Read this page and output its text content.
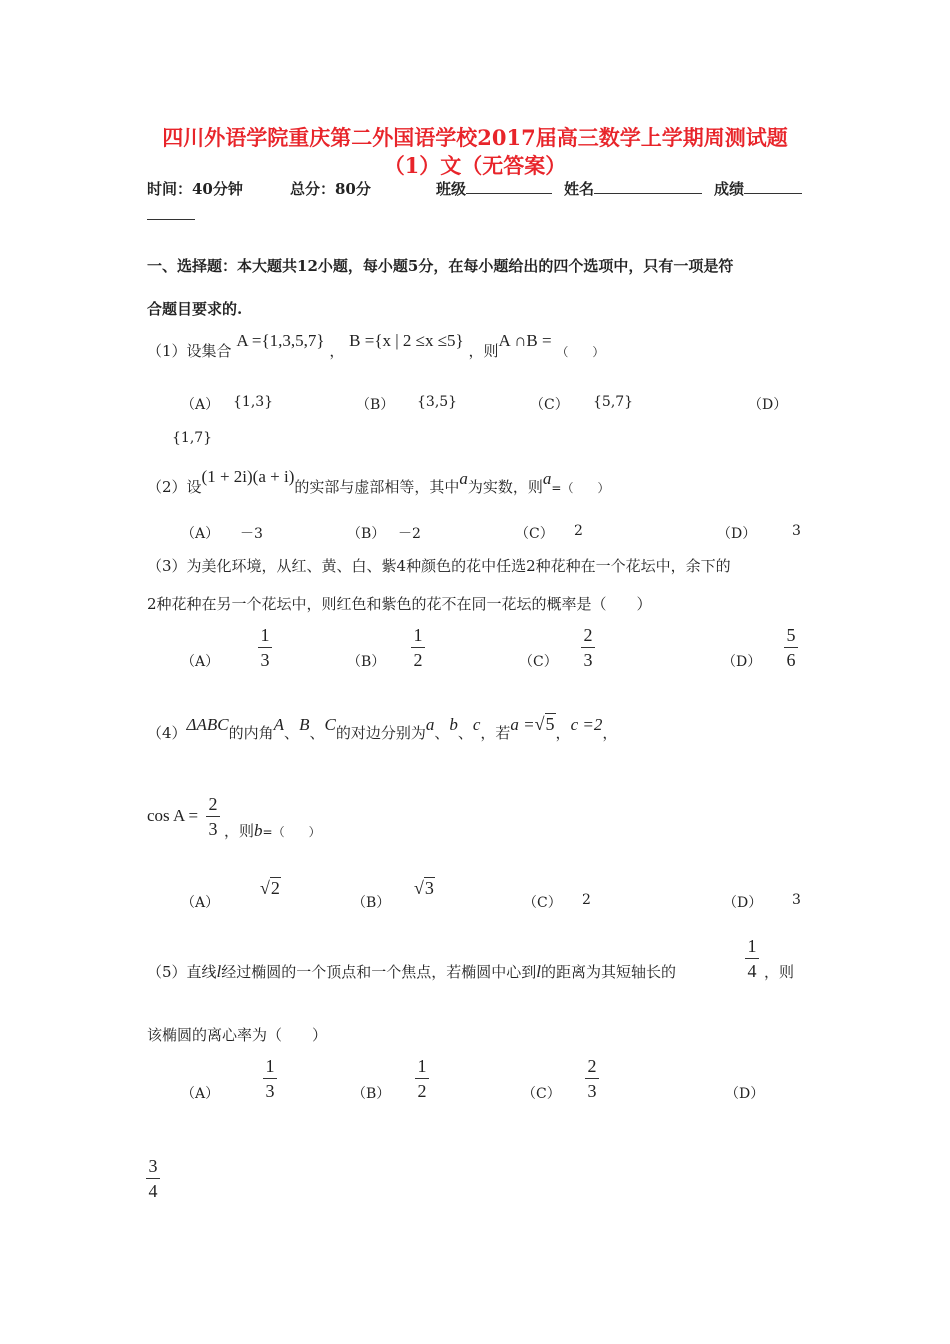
四川外语学院重庆第二外国语学校2017届高三数学上学期周测试题
（1）文（无答案）
时间：40分钟	总分：80分	班级	姓名	成绩
一、选择题：本大题共12小题，每小题5分，在每小题给出的四个选项中，只有一项是符
合题目要求的.
（1）设集合 A ={1,3,5,7} ， B ={x | 2 ≤x ≤5} ，则A ∩B = （　　）
（A） {1,3}	（B） {3,5}	（C） {5,7}	（D）
{1,7}
（2）设(1 + 2i)(a + i)的实部与虚部相等，其中a为实数，则a=（　　）
（A） －3	（B） －2	（C） 2	（D）	3
（3）为美化环境，从红、黄、白、紫4种颜色的花中任选2种花种在一个花坛中，余下的
2种花种在另一个花坛中，则红色和紫色的花不在同一花坛的概率是（　　）
（A）
1
3	（B）
1
2	（C）
2
3	（D）
5
6
（4）ΔABC的内角A、B、C的对边分别为a、b、c，若a =√5，c =2，
cos A =
2
3 ，则b=（　　）
（A）
√2
（B）
√3
（C） 2	（D） 3
（5）直线l经过椭圆的一个顶点和一个焦点，若椭圆中心到l的距离为其短轴长的
1
4 ，则
该椭圆的离心率为（　　）
（A）
1
3	（B）
1
2	（C）
2
3	（D）
3
4
